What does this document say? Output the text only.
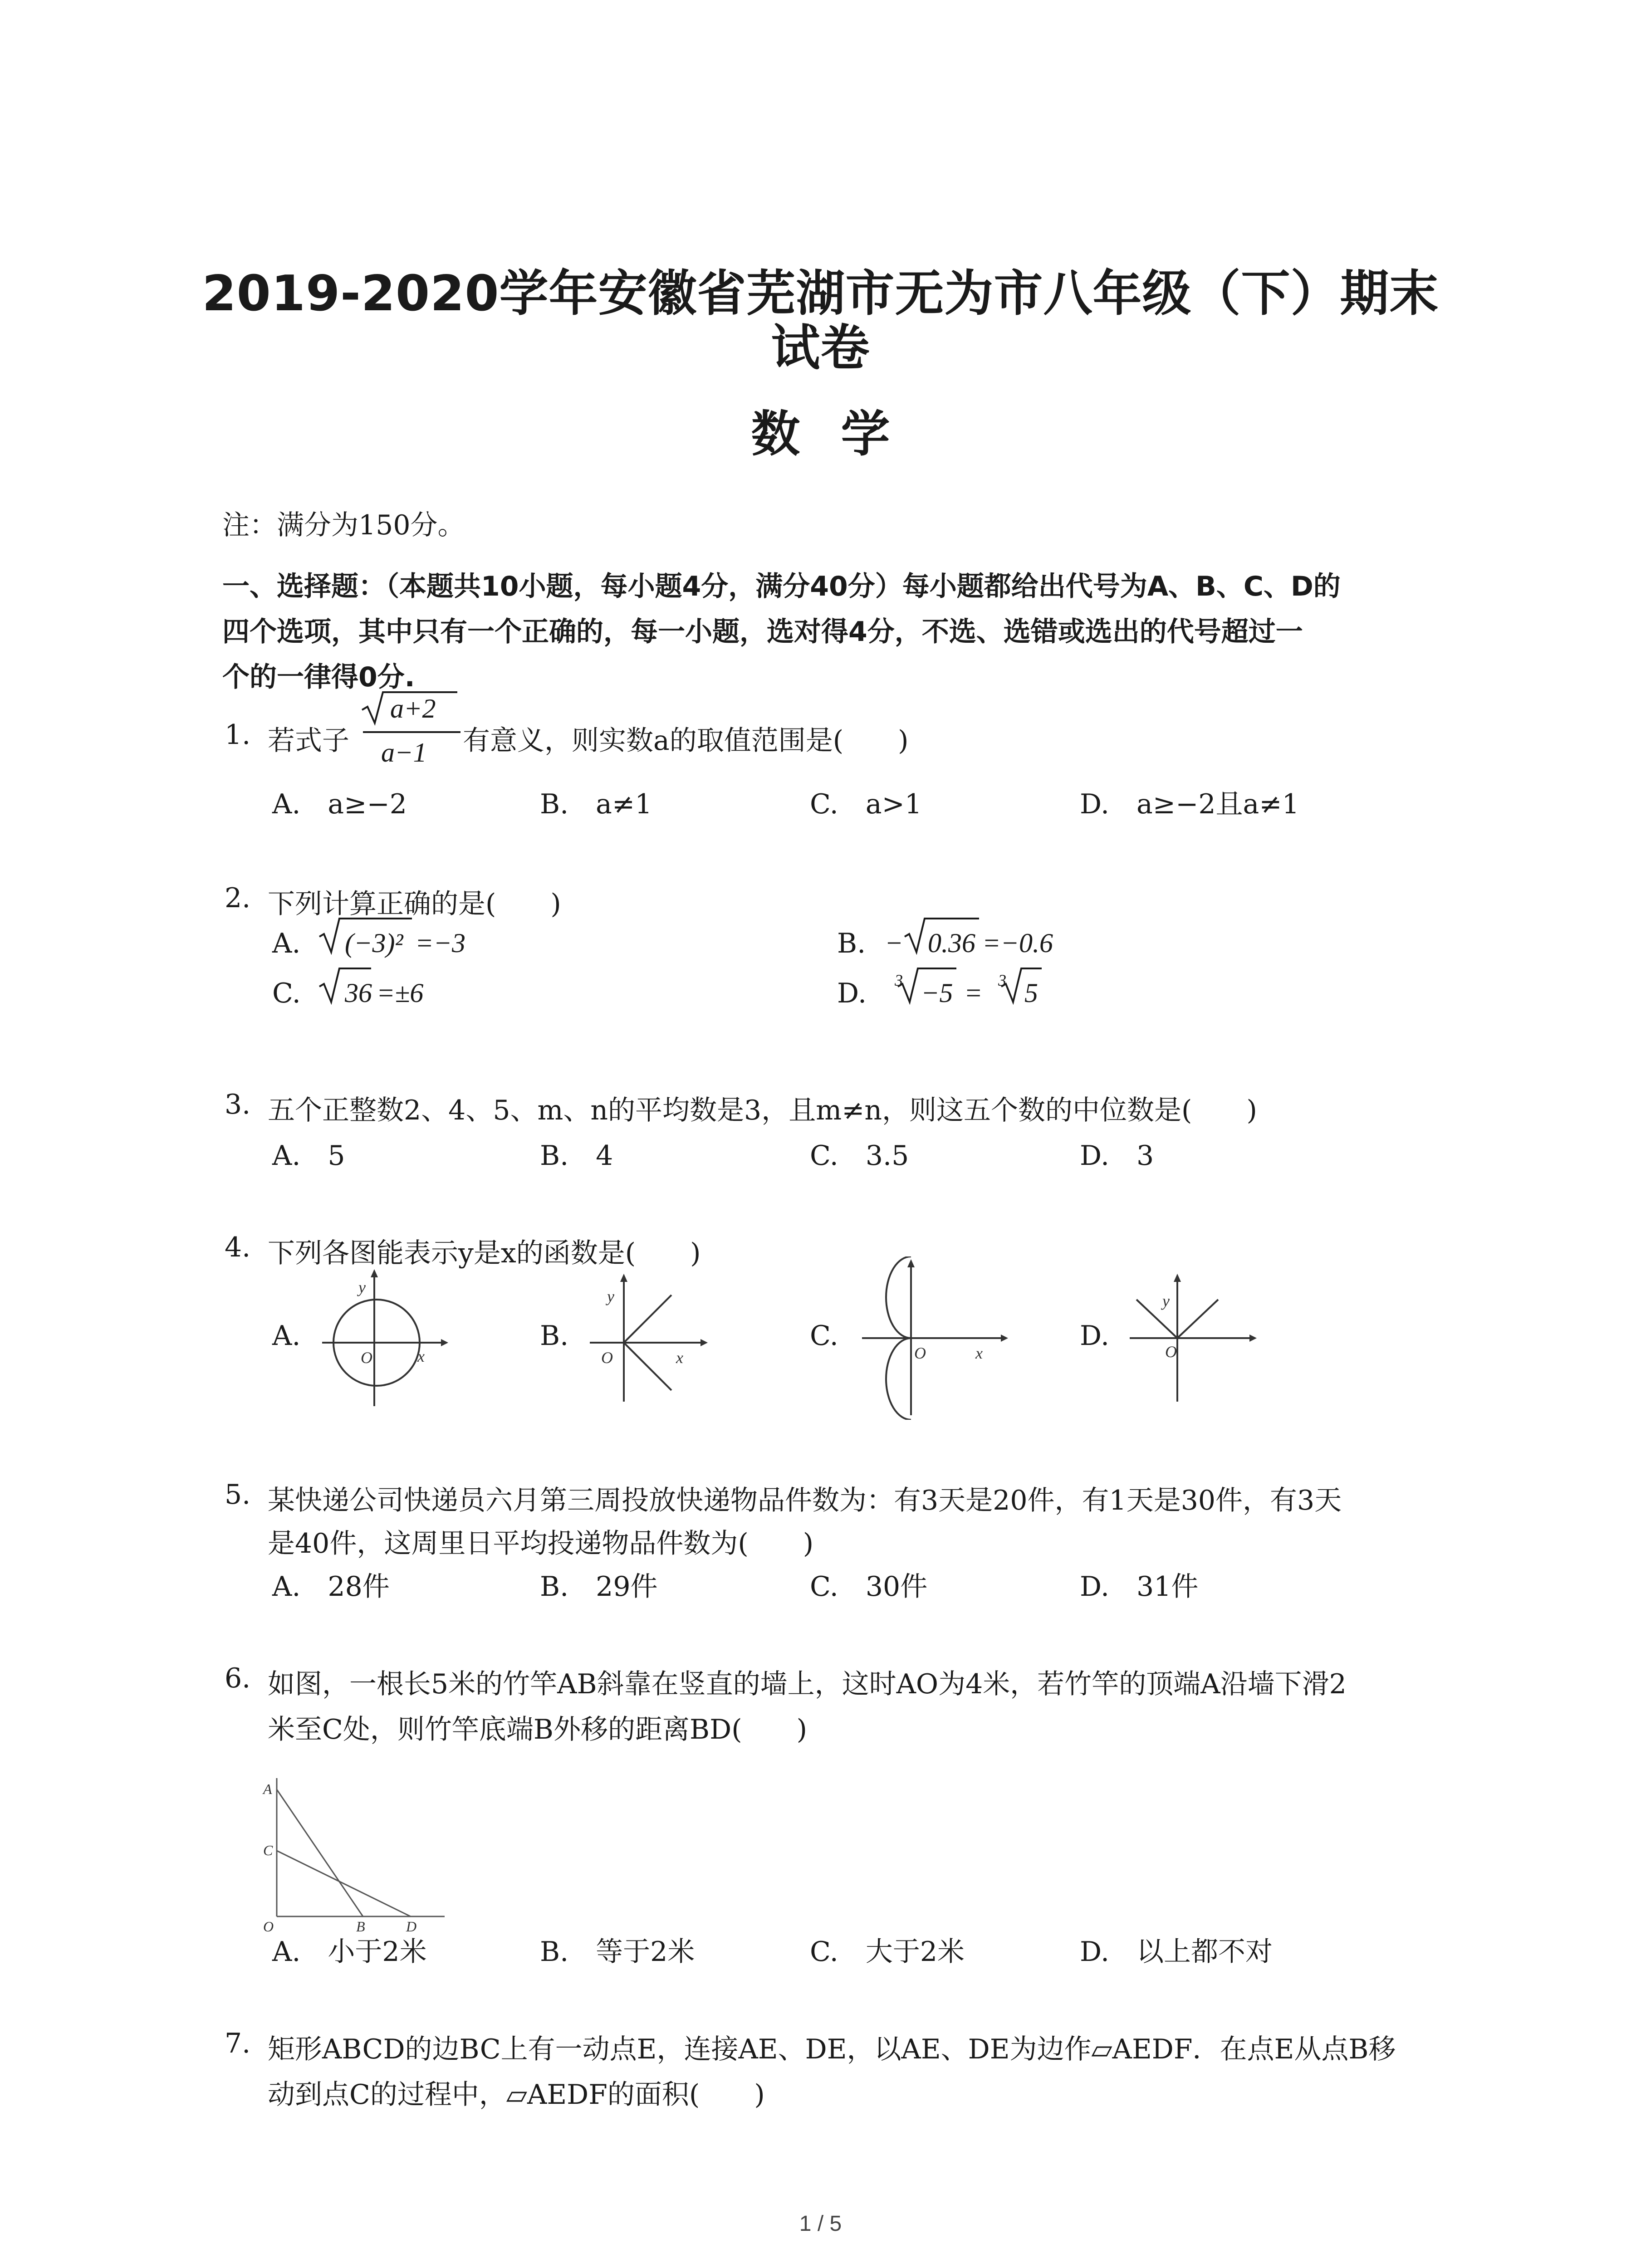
2019-2020学年安徽省芜湖市无为市八年级（下）期末
试卷
数学
注：满分为150分。
一、选择题：（本题共10小题，每小题4分，满分40分）每小题都给出代号为A、B、C、D的
四个选项，其中只有一个正确的，每一小题，选对得4分，不选、选错或选出的代号超过一
个的一律得0分.
1. 若式子
a+2
a−1 有意义，则实数a的取值范围是(　　)
A.　a≥−2	B.　a≠1	C.　a>1	D.　a≥−2且a≠1
2. 下列计算正确的是(　　)
A. (−3)² =−3	B. − 0.36 =−0.6
C. 36 =±6	D. 3 −5 = 3 5
3. 五个正整数2、4、5、m、n的平均数是3，且m≠n，则这五个数的中位数是(　　)
A.　5	B.　4	C.　3.5	D.　3
4. 下列各图能表示y是x的函数是(　　)
A.	B.	C.	D.
y
O	x
y
O	x	O	x
y
O
5. 某快递公司快递员六月第三周投放快递物品件数为：有3天是20件，有1天是30件，有3天
是40件，这周里日平均投递物品件数为(　　)
A.　28件	B.　29件	C.　30件	D.　31件
6. 如图，一根长5米的竹竿AB斜靠在竖直的墙上，这时AO为4米，若竹竿的顶端A沿墙下滑2
米至C处，则竹竿底端B外移的距离BD(　　)
A
C
O	B	D
A.　小于2米	B.　等于2米	C.　大于2米	D.　以上都不对
7. 矩形ABCD的边BC上有一动点E，连接AE、DE，以AE、DE为边作▱AEDF．在点E从点B移
动到点C的过程中，▱AEDF的面积(　　)
1 / 5
